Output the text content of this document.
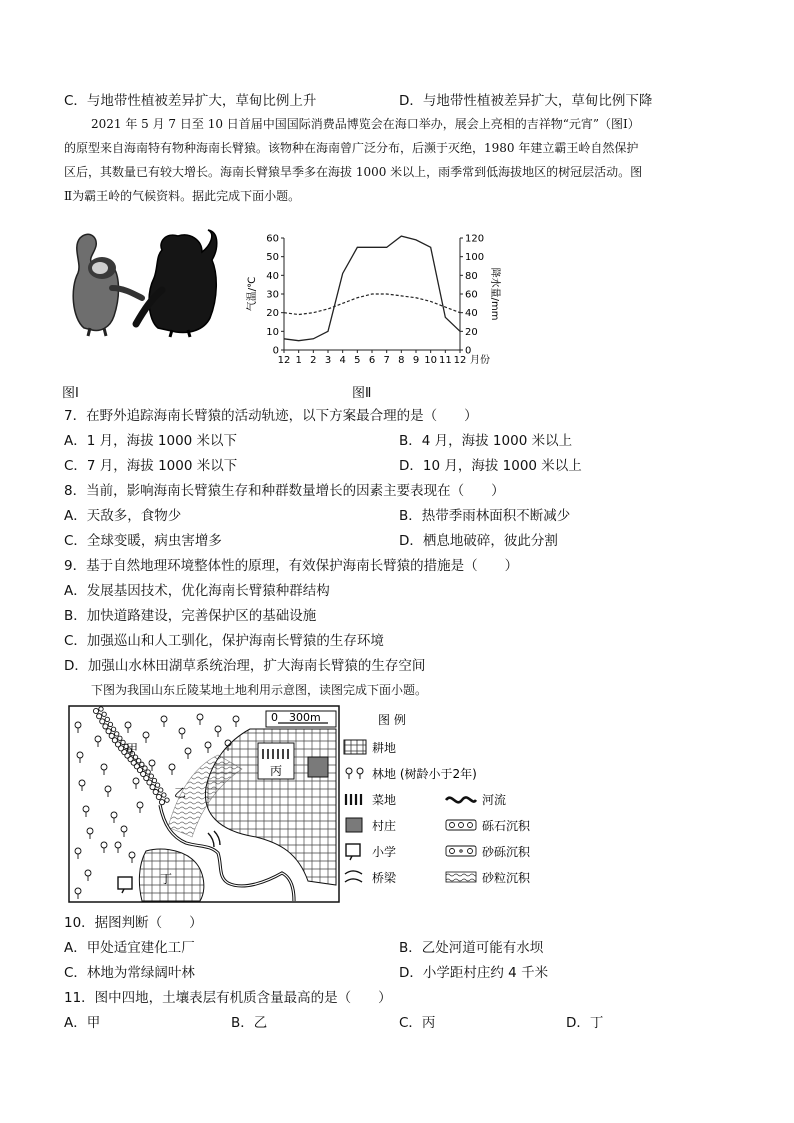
C．与地带性植被差异扩大，草甸比例上升	D．与地带性植被差异扩大，草甸比例下降
2021 年 5 月 7 日至 10 日首届中国国际消费品博览会在海口举办，展会上亮相的吉祥物“元宵”（图Ⅰ）
的原型来自海南特有物种海南长臂猿。该物种在海南曾广泛分布，后濒于灭绝，1980 年建立霸王岭自然保护
区后，其数量已有较大增长。海南长臂猿旱季多在海拔 1000 米以上，雨季常到低海拔地区的树冠层活动。图
Ⅱ为霸王岭的气候资料。据此完成下面小题。
图Ⅰ
0
10
20
30
40
50
60
0
20
40
60
80
100
120
12 1 2 3 4 5 6 7 8 9 10 11 12
气温/℃	降水量/mm
月份
图Ⅱ
7．在野外追踪海南长臂猿的活动轨迹，以下方案最合理的是（　　）
A．1 月，海拔 1000 米以下	B．4 月，海拔 1000 米以上
C．7 月，海拔 1000 米以下	D．10 月，海拔 1000 米以上
8．当前，影响海南长臂猿生存和种群数量增长的因素主要表现在（　　）
A．天敌多，食物少	B．热带季雨林面积不断减少
C．全球变暖，病虫害增多	D．栖息地破碎，彼此分割
9．基于自然地理环境整体性的原理，有效保护海南长臂猿的措施是（　　）
A．发展基因技术，优化海南长臂猿种群结构
B．加快道路建设，完善保护区的基础设施
C．加强巡山和人工驯化，保护海南长臂猿的生存环境
D．加强山水林田湖草系统治理，扩大海南长臂猿的生存空间
下图为我国山东丘陵某地土地利用示意图，读图完成下面小题。
0　300m
甲
乙
丙
丁
图 例
耕地
林地 (树龄小于2年)
菜地	河流
村庄	砾石沉积
小学	砂砾沉积
桥梁	砂粒沉积
10．据图判断（　　）
A．甲处适宜建化工厂	B．乙处河道可能有水坝
C．林地为常绿阔叶林	D．小学距村庄约 4 千米
11．图中四地，土壤表层有机质含量最高的是（　　）
A．甲	B．乙	C．丙	D．丁
